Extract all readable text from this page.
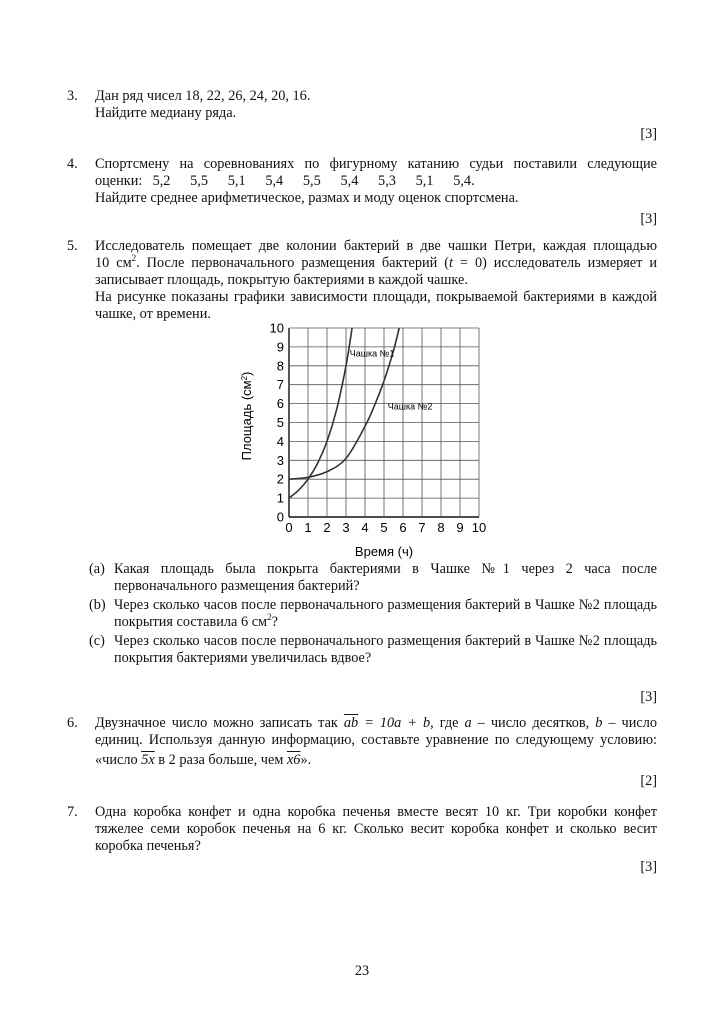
3. Дан ряд чисел 18, 22, 26, 24, 20, 16.
Найдите медиану ряда.
[3]
4. Спортсмену на соревнованиях по фигурному катанию судьи поставили следующие
оценки: 5,2 5,5 5,1 5,4 5,5 5,4 5,3 5,1 5,4.
Найдите среднее арифметическое, размах и моду оценок спортсмена.
[3]
5. Исследователь помещает две колонии бактерий в две чашки Петри, каждая площадью
10 $см^2$. После первоначального размещения бактерий (t = 0) исследователь измеряет и
записывает площадь, покрытую бактериями в каждой чашке.
На рисунке показаны графики зависимости площади, покрываемой бактериями в каждой
чашке, от времени.
0 1 2 3 4 5 6 7 8 9 10
0
1
2
3
4
5
6
7
8
9
10
Чашка №1
Чашка №2
Время (ч)
Площадь $(см^2)$
(a) Какая площадь была покрыта бактериями в Чашке №1 через 2 часа после первоначального размещения бактерий?
(b) Через сколько часов после первоначального размещения бактерий в Чашке №2 площадь покрытия составила 6 $см^2$?
(c) Через сколько часов после первоначального размещения бактерий в Чашке №2 площадь покрытия бактериями увеличилась вдвое?
[3]
6. Двузначное число можно записать так $\overline{ab} = 10a + b$, где a – число десятков, b – число
единиц. Используя данную информацию, составьте уравнение по следующему условию:
«число 5x в 2 раза больше, чем x6».
[2]
7. Одна коробка конфет и одна коробка печенья вместе весят 10 кг. Три коробки конфет
тяжелее семи коробок печенья на 6 кг. Сколько весит коробка конфет и сколько весит
коробка печенья?
[3]
23
